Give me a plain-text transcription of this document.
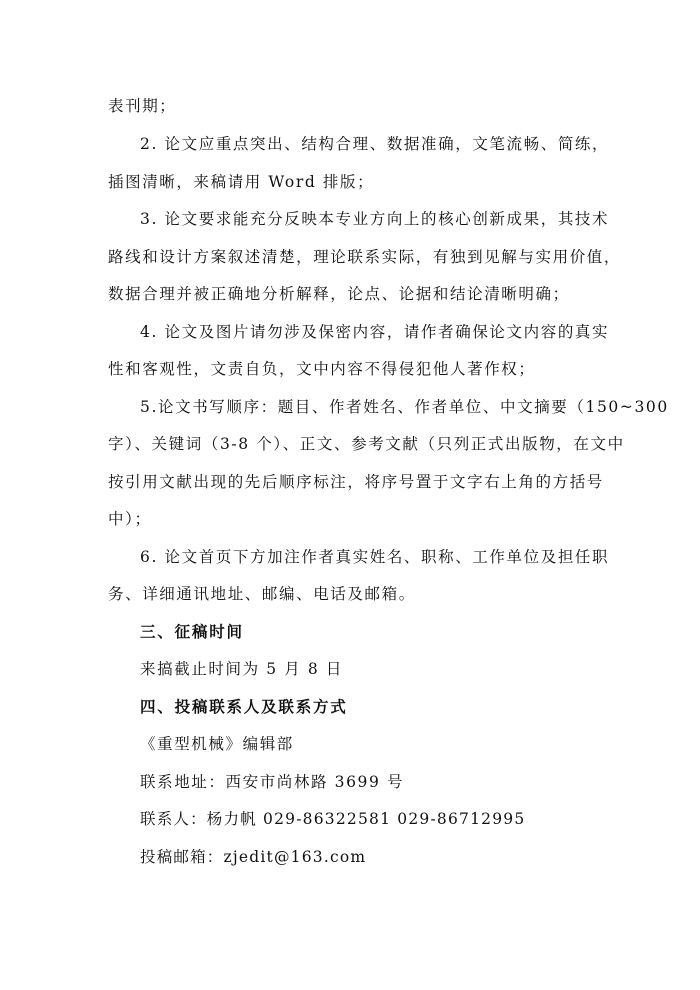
表刊期；
2. 论文应重点突出、结构合理、数据准确，文笔流畅、简练，
插图清晰，来稿请用 Word 排版；
3. 论文要求能充分反映本专业方向上的核心创新成果，其技术
路线和设计方案叙述清楚，理论联系实际，有独到见解与实用价值，
数据合理并被正确地分析解释，论点、论据和结论清晰明确；
4. 论文及图片请勿涉及保密内容，请作者确保论文内容的真实
性和客观性，文责自负，文中内容不得侵犯他人著作权；
5.论文书写顺序：题目、作者姓名、作者单位、中文摘要（150~300
字）、关键词（3-8 个）、正文、参考文献（只列正式出版物，在文中
按引用文献出现的先后顺序标注，将序号置于文字右上角的方括号
中）；
6. 论文首页下方加注作者真实姓名、职称、工作单位及担任职
务、详细通讯地址、邮编、电话及邮箱。
三、征稿时间
来搞截止时间为 5 月 8 日
四、投稿联系人及联系方式
《重型机械》编辑部
联系地址：西安市尚林路 3699 号
联系人：杨力帆 029-86322581 029-86712995
投稿邮箱：zjedit@163.com
